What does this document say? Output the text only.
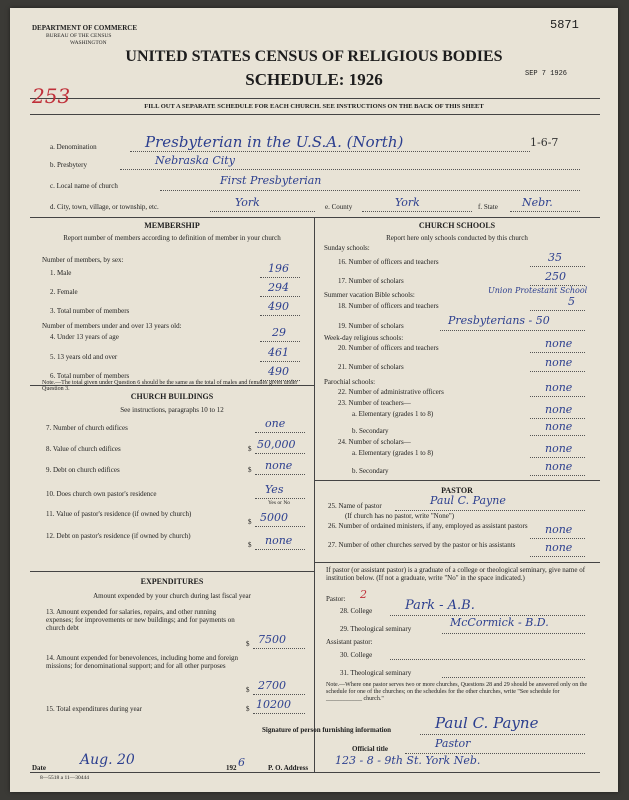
DEPARTMENT OF COMMERCE
BUREAU OF THE CENSUS
WASHINGTON
UNITED STATES CENSUS OF RELIGIOUS BODIES
SCHEDULE: 1926
FILL OUT A SEPARATE SCHEDULE FOR EACH CHURCH. SEE INSTRUCTIONS ON THE BACK OF THIS SHEET
5871
SEP 7 1926
253
a. Denomination	Presbyterian in the U.S.A. (North)	1-6-7
b. Presbytery	Nebraska City
c. Local name of church	First Presbyterian
d. City, town, village, or township, etc.	York	e. County	York	f. State Nebr.
MEMBERSHIP
Report number of members according to definition of member in your church
Number of members, by sex:
1. Male	196
2. Female	294
3. Total number of members	490
Number of members under and over 13 years old:
4. Under 13 years of age	29
5. 13 years old and over	461
6. Total number of members	490
CHURCH BUILDINGS
See instructions, paragraphs 10 to 12
7. Number of church edifices	one
8. Value of church edifices	$ 50,000
9. Debt on church edifices	$ none
10. Does church own pastor's residence	Yes
Yes or No
11. Value of pastor's residence (if owned by church)
$ 5000
12. Debt on pastor's residence (if owned by church)
$ none
EXPENDITURES
Amount expended by your church during last fiscal year
13. Amount expended for salaries, repairs, and other running expenses; for improvements or new buildings; and for payments on church debt
$ 7500
14. Amount expended for benevolences, including home and foreign missions; for denominational support; and for all other purposes
$ 2700
15. Total expenditures during year	$ 10200
CHURCH SCHOOLS
Report here only schools conducted by this church
Sunday schools:
16. Number of officers and teachers	35
17. Number of scholars	250
Summer vacation Bible schools:	Union Protestant School
18. Number of officers and teachers	5
19. Number of scholars	Presbyterians - 50
Week-day religious schools:
20. Number of officers and teachers	none
21. Number of scholars	none
Parochial schools:
22. Number of administrative officers	none
23. Number of teachers—
a. Elementary (grades 1 to 8)	none
b. Secondary	none
24. Number of scholars—
a. Elementary (grades 1 to 8)	none
b. Secondary	none
PASTOR
25. Name of pastor	Paul C. Payne
(If church has no pastor, write "None")
26. Number of ordained ministers, if any, employed as assistant pastors none
27. Number of other churches served by the pastor or his assistants	none
If pastor (or assistant pastor) is a graduate of a college or theological seminary, give name of institution below. (If not a graduate, write "No" in the space indicated.)
Pastor: 2
28. College	Park - A.B.
29. Theological seminary	McCormick - B.D.
Assistant pastor:
30. College
31. Theological seminary
Note.—Where one pastor serves two or more churches, Questions 28 and 29 should be answered only on the schedule for one of the churches; on the schedules for the other churches, write "See schedule for ____________ church."
Signature of person furnishing information	Paul C. Payne
Official title	Pastor
Date Aug. 20	192 6	P. O. Address
123 - 8 - 9th St. York Neb.
8—5518 a 11—30444
Note.—The total given under Question 6 should be the same as the total of males and females given under Question 3.
